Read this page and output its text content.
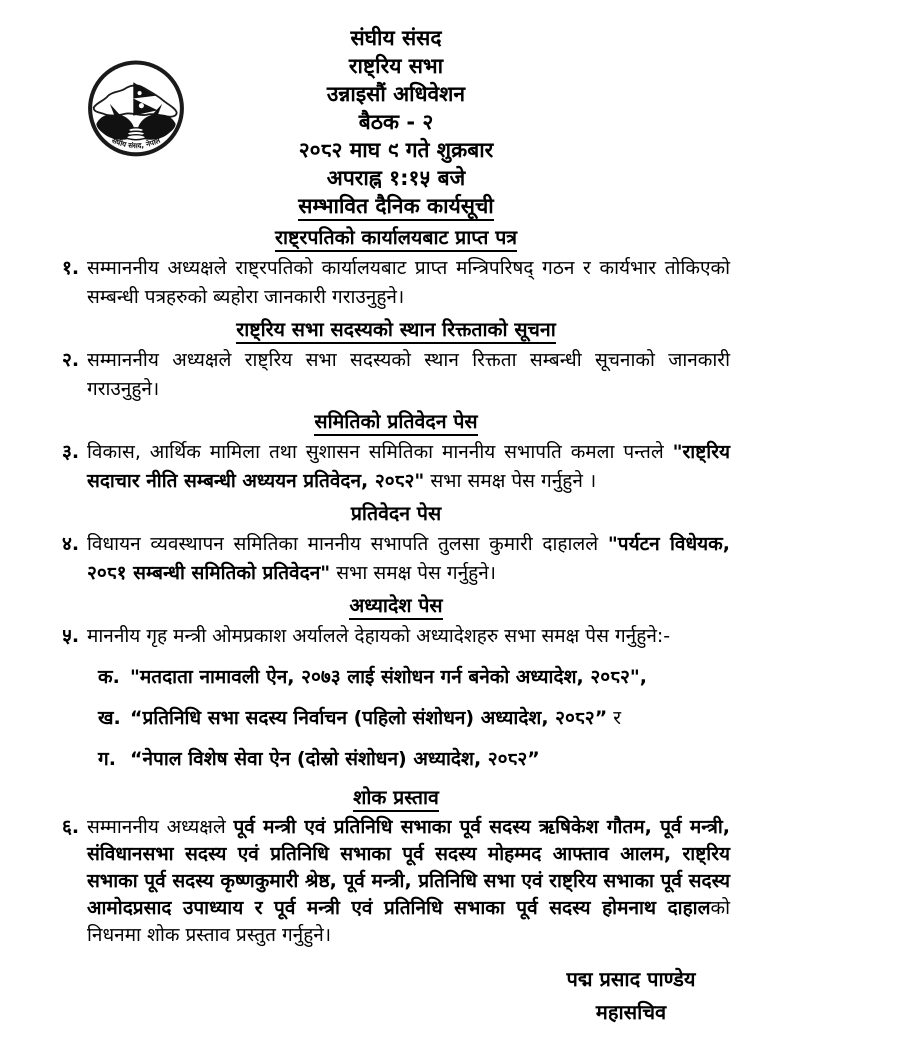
संघीय संसद, नेपाल
संघीय संसद
राष्ट्रिय सभा
उन्नाइसौं अधिवेशन
बैठक - २
२०८२ माघ ९ गते शुक्रबार
अपराह्न १:१५ बजे
सम्भावित दैनिक कार्यसूची
राष्ट्रपतिको कार्यालयबाट प्राप्त पत्र
१. सम्माननीय अध्यक्षले राष्ट्रपतिको कार्यालयबाट प्राप्त मन्त्रिपरिषद् गठन र कार्यभार तोकिएको सम्बन्धी पत्रहरुको ब्यहोरा जानकारी गराउनुहुने।

राष्ट्रिय सभा सदस्यको स्थान रिक्तताको सूचना
२. सम्माननीय अध्यक्षले राष्ट्रिय सभा सदस्यको स्थान रिक्तता सम्बन्धी सूचनाको जानकारी गराउनुहुने।

समितिको प्रतिवेदन पेस
३. विकास, आर्थिक मामिला तथा सुशासन समितिका माननीय सभापति कमला पन्तले "राष्ट्रिय सदाचार नीति सम्बन्धी अध्ययन प्रतिवेदन, २०८२" सभा समक्ष पेस गर्नुहुने ।

प्रतिवेदन पेस
४. विधायन व्यवस्थापन समितिका माननीय सभापति तुलसा कुमारी दाहालले "पर्यटन विधेयक, २०८१ सम्बन्धी समितिको प्रतिवेदन" सभा समक्ष पेस गर्नुहुने।

अध्यादेश पेस
५. माननीय गृह मन्त्री ओमप्रकाश अर्यालले देहायको अध्यादेशहरु सभा समक्ष पेस गर्नुहुने:-

क. "मतदाता नामावली ऐन, २०७३ लाई संशोधन गर्न बनेको अध्यादेश, २०८२",

ख. “प्रतिनिधि सभा सदस्य निर्वाचन (पहिलो संशोधन) अध्यादेश, २०८२” र

ग. “नेपाल विशेष सेवा ऐन (दोस्रो संशोधन) अध्यादेश, २०८२”

शोक प्रस्ताव
६. सम्माननीय अध्यक्षले पूर्व मन्त्री एवं प्रतिनिधि सभाका पूर्व सदस्य ऋषिकेश गौतम, पूर्व मन्त्री, संविधानसभा सदस्य एवं प्रतिनिधि सभाका पूर्व सदस्य मोहम्मद आफ्ताव आलम, राष्ट्रिय सभाका पूर्व सदस्य कृष्णकुमारी श्रेष्ठ, पूर्व मन्त्री, प्रतिनिधि सभा एवं राष्ट्रिय सभाका पूर्व सदस्य आमोदप्रसाद उपाध्याय र पूर्व मन्त्री एवं प्रतिनिधि सभाका पूर्व सदस्य होमनाथ दाहालको निधनमा शोक प्रस्ताव प्रस्तुत गर्नुहुने।

पद्म प्रसाद पाण्डेय
महासचिव
